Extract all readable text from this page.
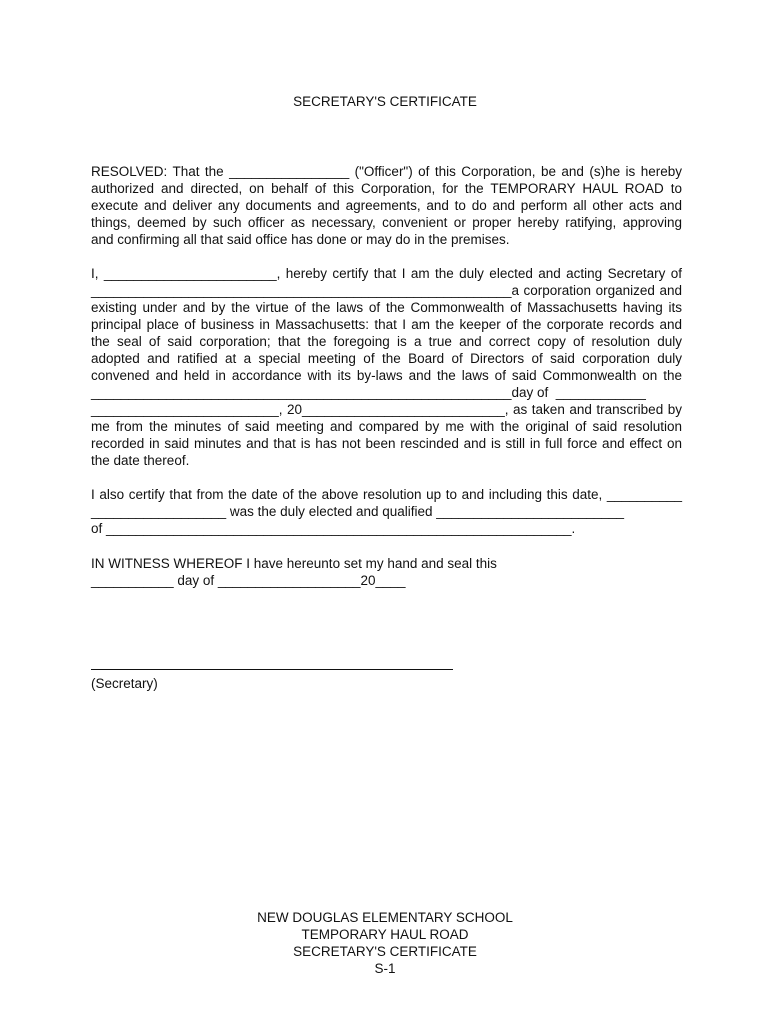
SECRETARY'S CERTIFICATE
RESOLVED: That the ________________ ("Officer") of this Corporation, be and (s)he is hereby
authorized and directed, on behalf of this Corporation, for the TEMPORARY HAUL ROAD to
execute and deliver any documents and agreements, and to do and perform all other acts and
things, deemed by such officer as necessary, convenient or proper hereby ratifying, approving
and confirming all that said office has done or may do in the premises.
I, _______________________, hereby certify that I am the duly elected and acting Secretary of
________________________________________________________a corporation organized and
existing under and by the virtue of the laws of the Commonwealth of Massachusetts having its
principal place of business in Massachusetts: that I am the keeper of the corporate records and
the seal of said corporation; that the foregoing is a true and correct copy of resolution duly
adopted and ratified at a special meeting of the Board of Directors of said corporation duly
convened and held in accordance with its by-laws and the laws of said Commonwealth on the
________________________________________________________day of  ____________
_________________________, 20___________________________, as taken and transcribed by
me from the minutes of said meeting and compared by me with the original of said resolution
recorded in said minutes and that is has not been rescinded and is still in full force and effect on
the date thereof.
I also certify that from the date of the above resolution up to and including this date, __________
__________________ was the duly elected and qualified _________________________
of ______________________________________________________________.
IN WITNESS WHEREOF I have hereunto set my hand and seal this
___________ day of ___________________20____
(Secretary)
NEW DOUGLAS ELEMENTARY SCHOOL
TEMPORARY HAUL ROAD
SECRETARY'S CERTIFICATE
S-1
